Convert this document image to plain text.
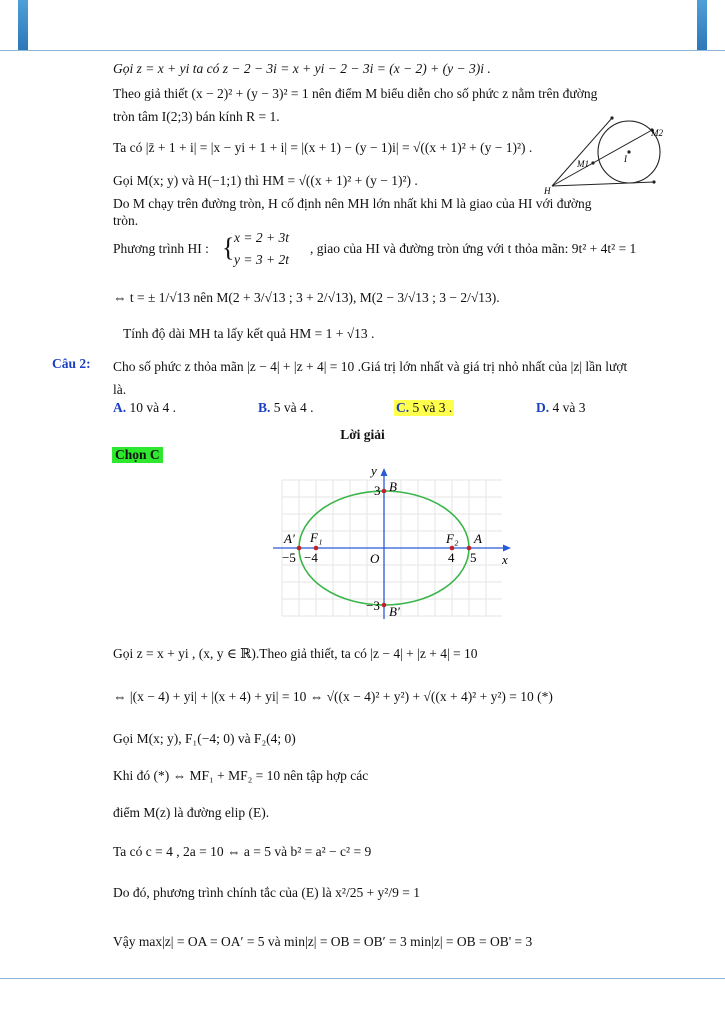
Gọi z = x + yi ta có z − 2 − 3i = x + yi − 2 − 3i = (x − 2) + (y − 3)i .
Theo giả thiết (x − 2)² + (y − 3)² = 1 nên điểm M biểu diễn cho số phức z nằm trên đường
tròn tâm I(2;3) bán kính R = 1.
Ta có |z̄ + 1 + i| = |x − yi + 1 + i| = |(x + 1) − (y − 1)i| = √((x + 1)² + (y − 1)²) .
Gọi M(x; y) và H(−1;1) thì HM = √((x + 1)² + (y − 1)²) .
Do M chạy trên đường tròn, H cố định nên MH lớn nhất khi M là giao của HI với đường
tròn.
Phương trình HI : { x = 2 + 3t
y = 3 + 2t
, giao của HI và đường tròn ứng với t thỏa mãn: 9t² + 4t² = 1
⇔ t = ± 1/√13 nên M(2 + 3/√13 ; 3 + 2/√13), M(2 − 3/√13 ; 3 − 2/√13).
Tính độ dài MH ta lấy kết quả HM = 1 + √13 .
M2
M1	I
H
Câu 2: Cho số phức z thỏa mãn |z − 4| + |z + 4| = 10 .Giá trị lớn nhất và giá trị nhỏ nhất của |z| lần lượt
là.
A. 10 và 4 .	B. 5 và 4 .	C. 5 và 3 .	D. 4 và 3
Lời giải
Chọn C
x
y
O
A′ F₁	F₂ A
B
B′
−5 −4	4 5
3
−3
Gọi z = x + yi , (x, y ∈ ℝ).Theo giả thiết, ta có |z − 4| + |z + 4| = 10
⇔ |(x − 4) + yi| + |(x + 4) + yi| = 10 ⇔ √((x − 4)² + y²) + √((x + 4)² + y²) = 10 (*)
Gọi M(x; y), F₁(−4; 0) và F₂(4; 0)
Khi đó (*) ⇔ MF₁ + MF₂ = 10 nên tập hợp các
điểm M(z) là đường elip (E).
Ta có c = 4 , 2a = 10 ⇔ a = 5 và b² = a² − c² = 9
Do đó, phương trình chính tắc của (E) là x²/25 + y²/9 = 1
Vậy max|z| = OA = OA′ = 5 và min|z| = OB = OB′ = 3 min|z| = OB = OB' = 3
